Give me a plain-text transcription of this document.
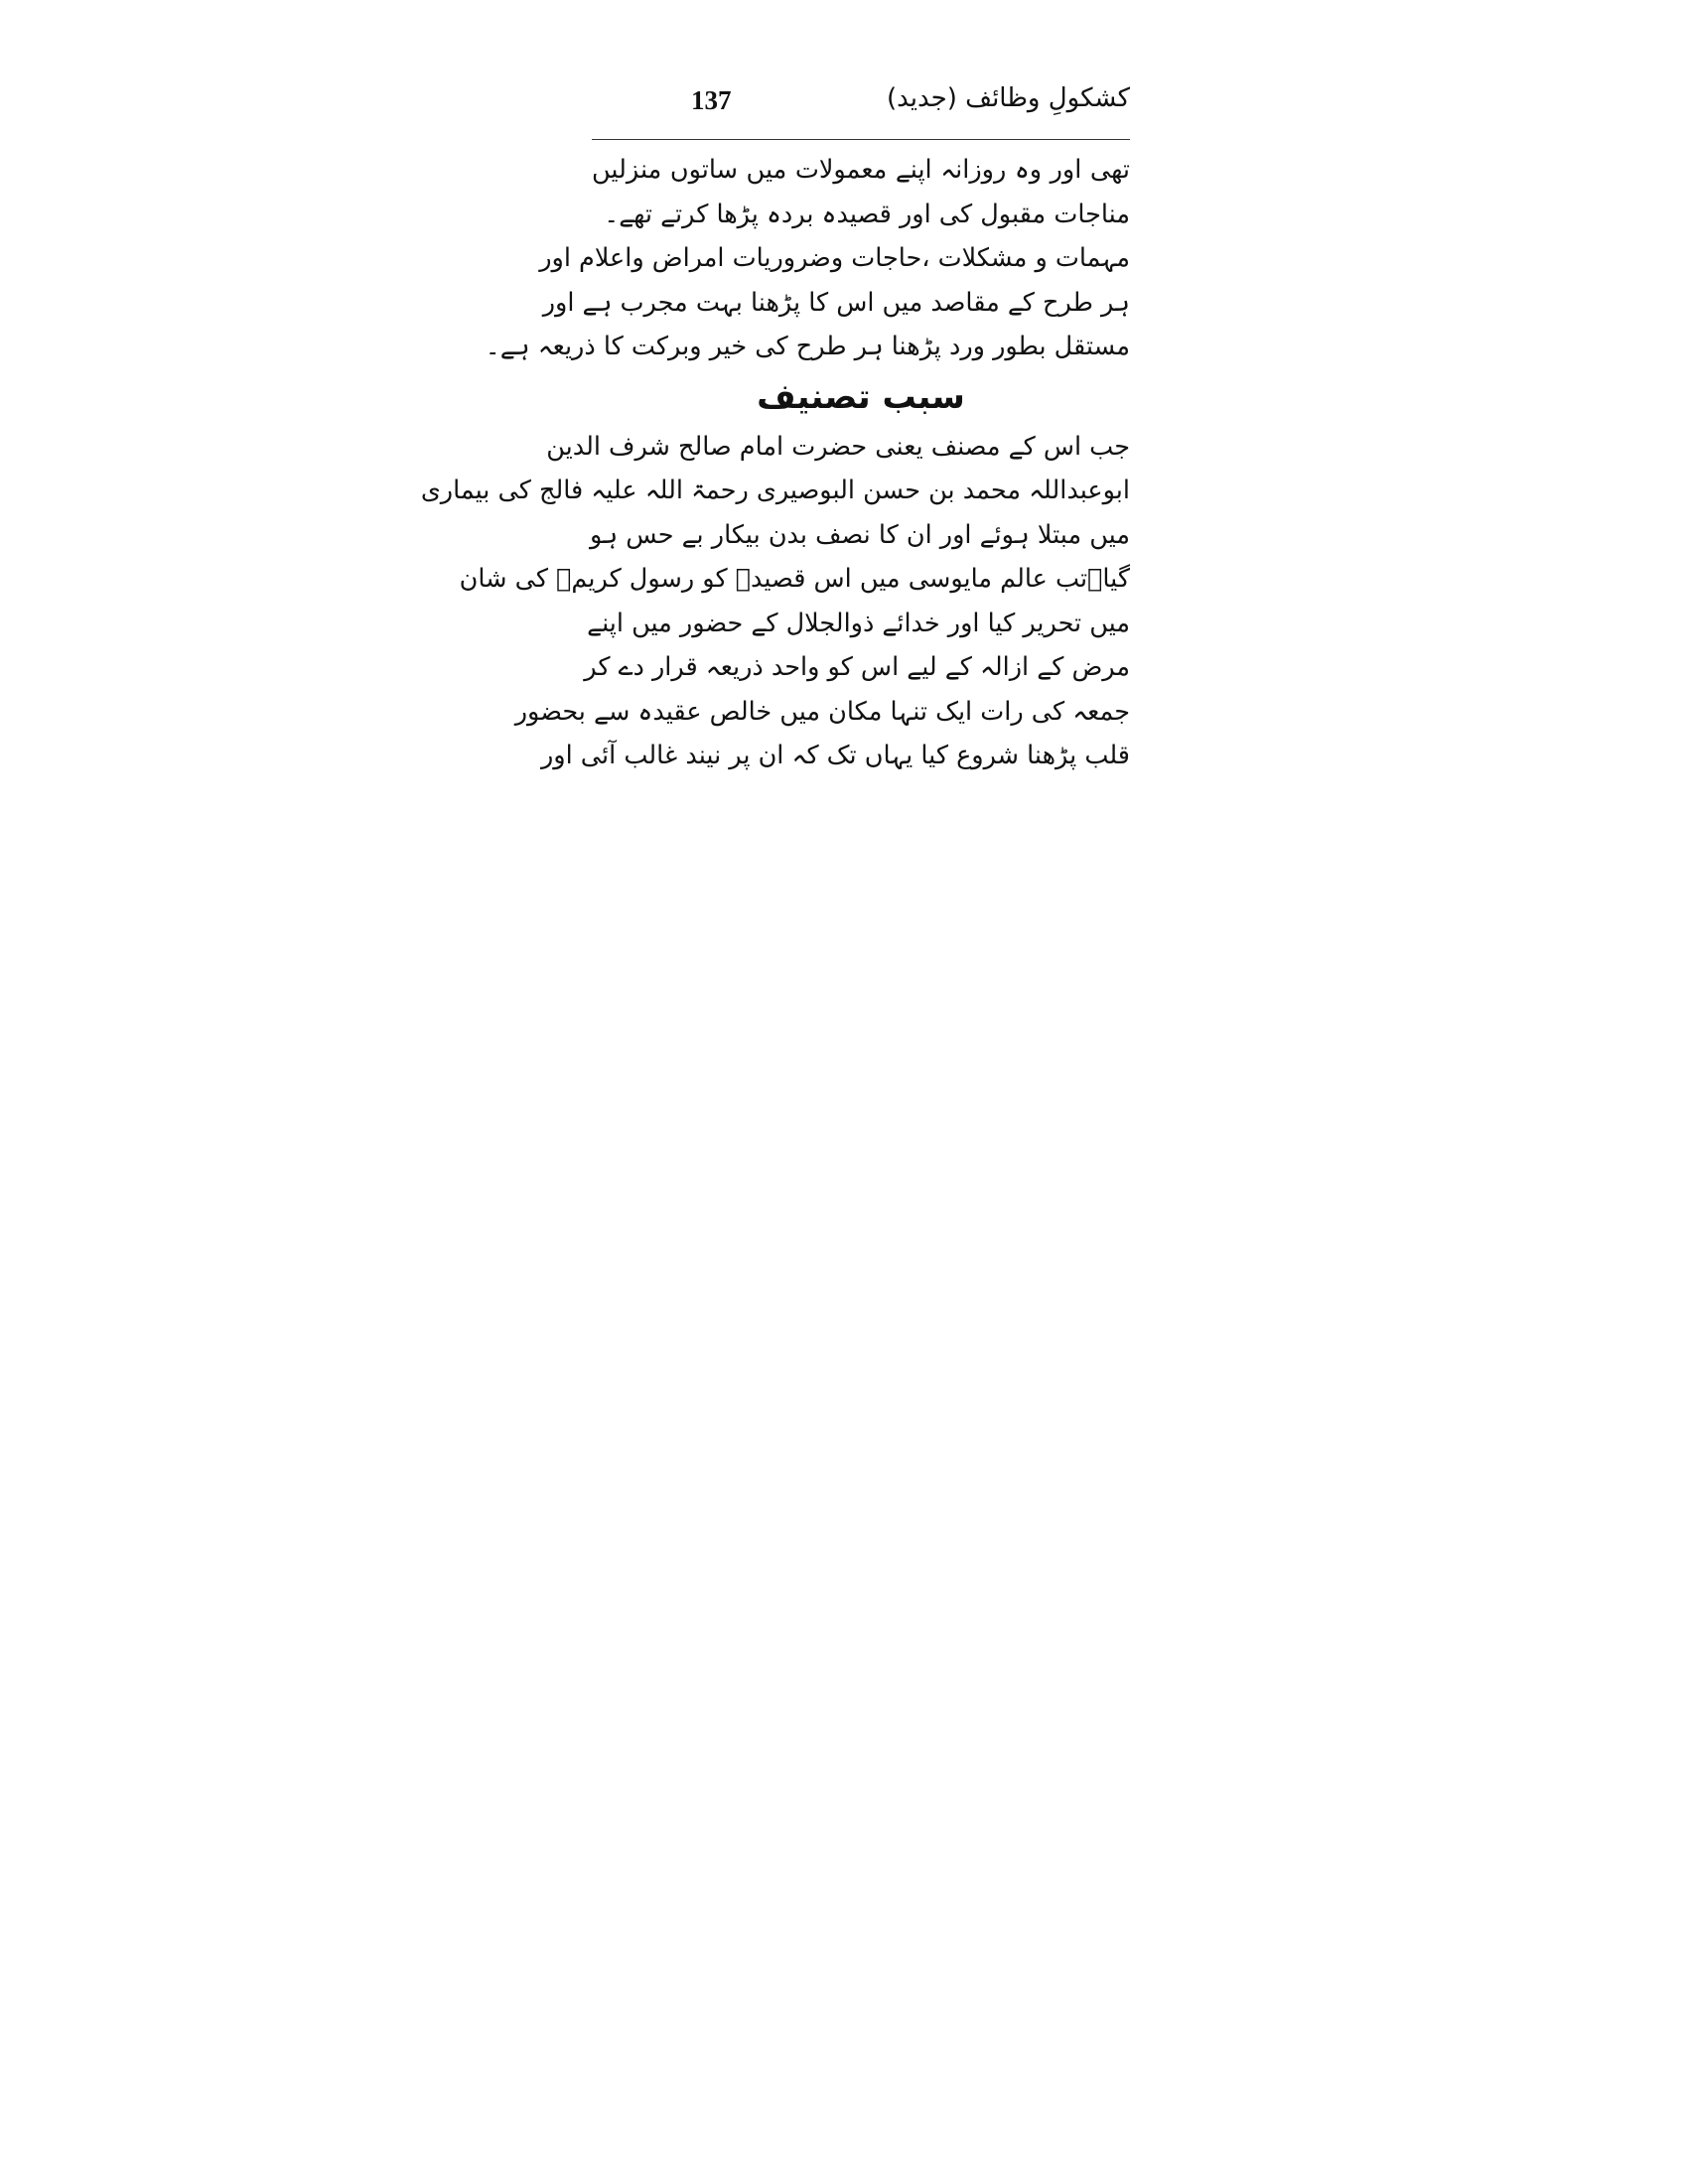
137	کشکولِ وظائف (جدید)
تھی اور وہ روزانہ اپنے معمولات میں ساتوں منزلیں
مناجات مقبول کی اور قصیدہ بردہ پڑھا کرتے تھے۔
مہمات و مشکلات ،حاجات وضروریات امراض واعلام اور
ہر طرح کے مقاصد میں اس کا پڑھنا بہت مجرب ہے اور
مستقل بطور ورد پڑھنا ہر طرح کی خیر وبرکت کا ذریعہ ہے۔
سبب تصنیف
جب اس کے مصنف یعنی حضرت امام صالح شرف الدین
ابوعبداللہ محمد بن حسن البوصیری رحمۃ اللہ علیہ فالج کی بیماری
میں مبتلا ہوئے اور ان کا نصف بدن بیکار بے حس ہو
گیا۔تب عالم مایوسی میں اس قصیدہ کو رسول کریمؐ کی شان
میں تحریر کیا اور خدائے ذوالجلال کے حضور میں اپنے
مرض کے ازالہ کے لیے اس کو واحد ذریعہ قرار دے کر
جمعہ کی رات ایک تنہا مکان میں خالص عقیدہ سے بحضور
قلب پڑھنا شروع کیا یہاں تک کہ ان پر نیند غالب آئی اور
